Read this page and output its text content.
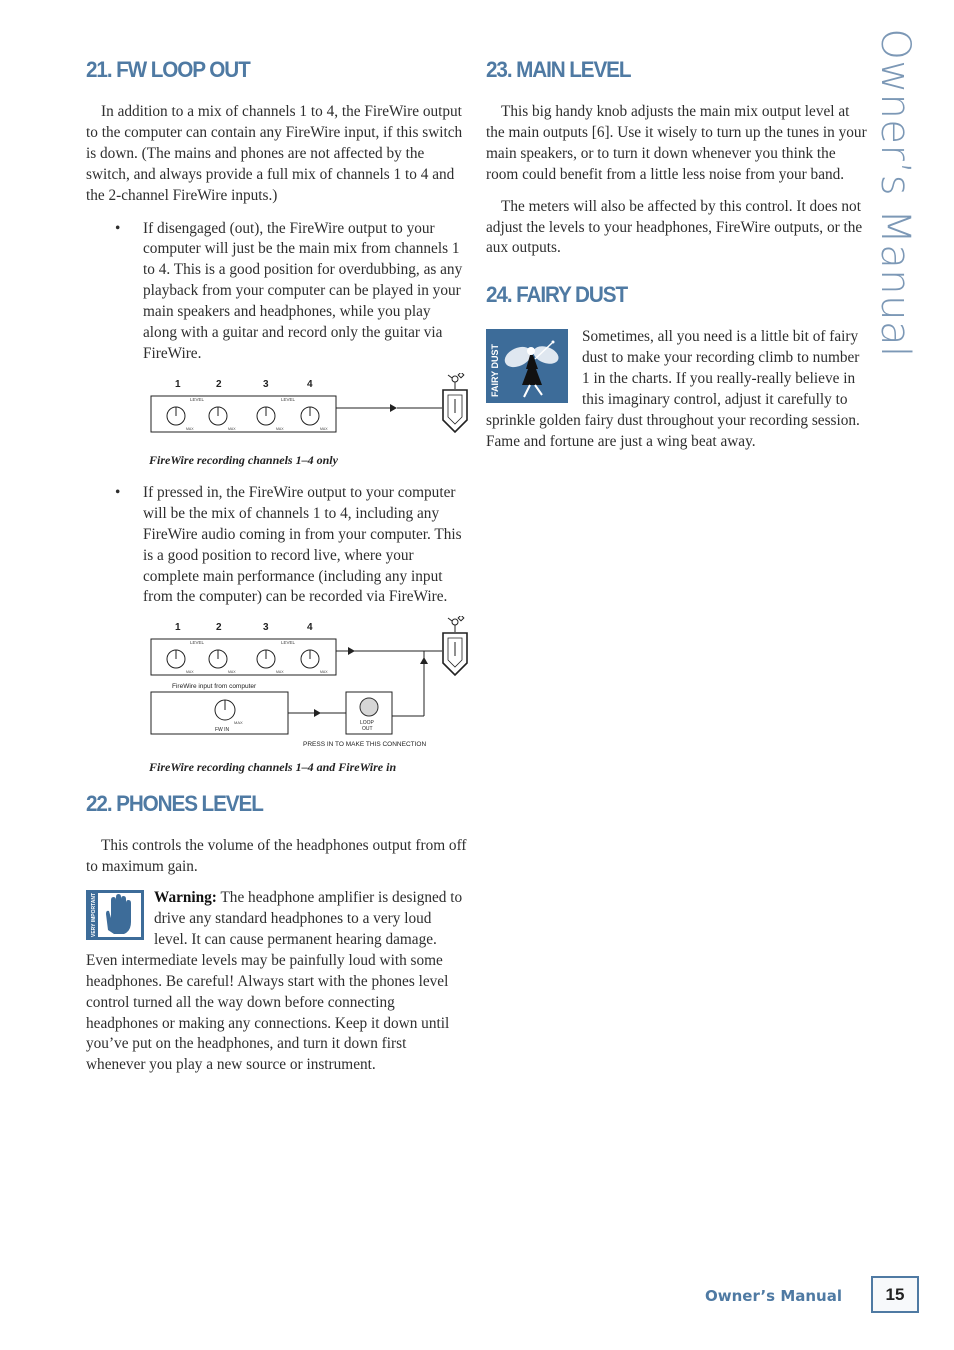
Owner’s Manual
21. FW LOOP OUT

In addition to a mix of channels 1 to 4, the FireWire output to the computer can contain any FireWire input, if this switch is down. (The mains and phones are not affected by the switch, and always provide a full mix of channels 1 to 4 and the 2-channel FireWire inputs.)

• If disengaged (out), the FireWire output to your computer will just be the main mix from channels 1 to 4. This is a good position for overdubbing, as any playback from your computer can be played in your main speakers and headphones, while you play along with a guitar and record only the guitar via FireWire.
1	2	3	4
LEVEL	LEVEL
MAX	MAX	MAX	MAX
FireWire recording channels 1–4 only
• If pressed in, the FireWire output to your computer will be the mix of channels 1 to 4, including any FireWire audio coming in from your computer. This is a good position to record live, where your complete main performance (including any input from the computer) can be recorded via FireWire.
1	2	3	4
LEVEL	LEVEL
MAX	MAX	MAX	MAX
FireWire input from computer
FW IN
MAX	LOOP
OUT
PRESS IN TO MAKE THIS CONNECTION
FireWire recording channels 1–4 and FireWire in
22. PHONES LEVEL

This controls the volume of the headphones output from off to maximum gain.

VERY IMPORTANT	Warning: The headphone amplifier is designed to drive any standard headphones to a very loud level. It can cause permanent hearing damage. Even intermediate levels may be painfully loud with some headphones. Be careful! Always start with the phones level control turned all the way down before connecting headphones or making any connections. Keep it down until you’ve put on the headphones, and turn it down first whenever you play a new source or instrument.
23. MAIN LEVEL

This big handy knob adjusts the main mix output level at the main outputs [6]. Use it wisely to turn up the tunes in your main speakers, or to turn it down whenever you think the room could benefit from a little less noise from your band.

The meters will also be affected by this control. It does not adjust the levels to your headphones, FireWire outputs, or the aux outputs.

24. FAIRY DUST
FAIRY DUST
Sometimes, all you need is a little bit of fairy dust to make your recording climb to number 1 in the charts. If you really-really believe in this imaginary control, adjust it carefully to sprinkle golden fairy dust throughout your recording session. Fame and fortune are just a wing beat away.
Owner’s Manual	15
